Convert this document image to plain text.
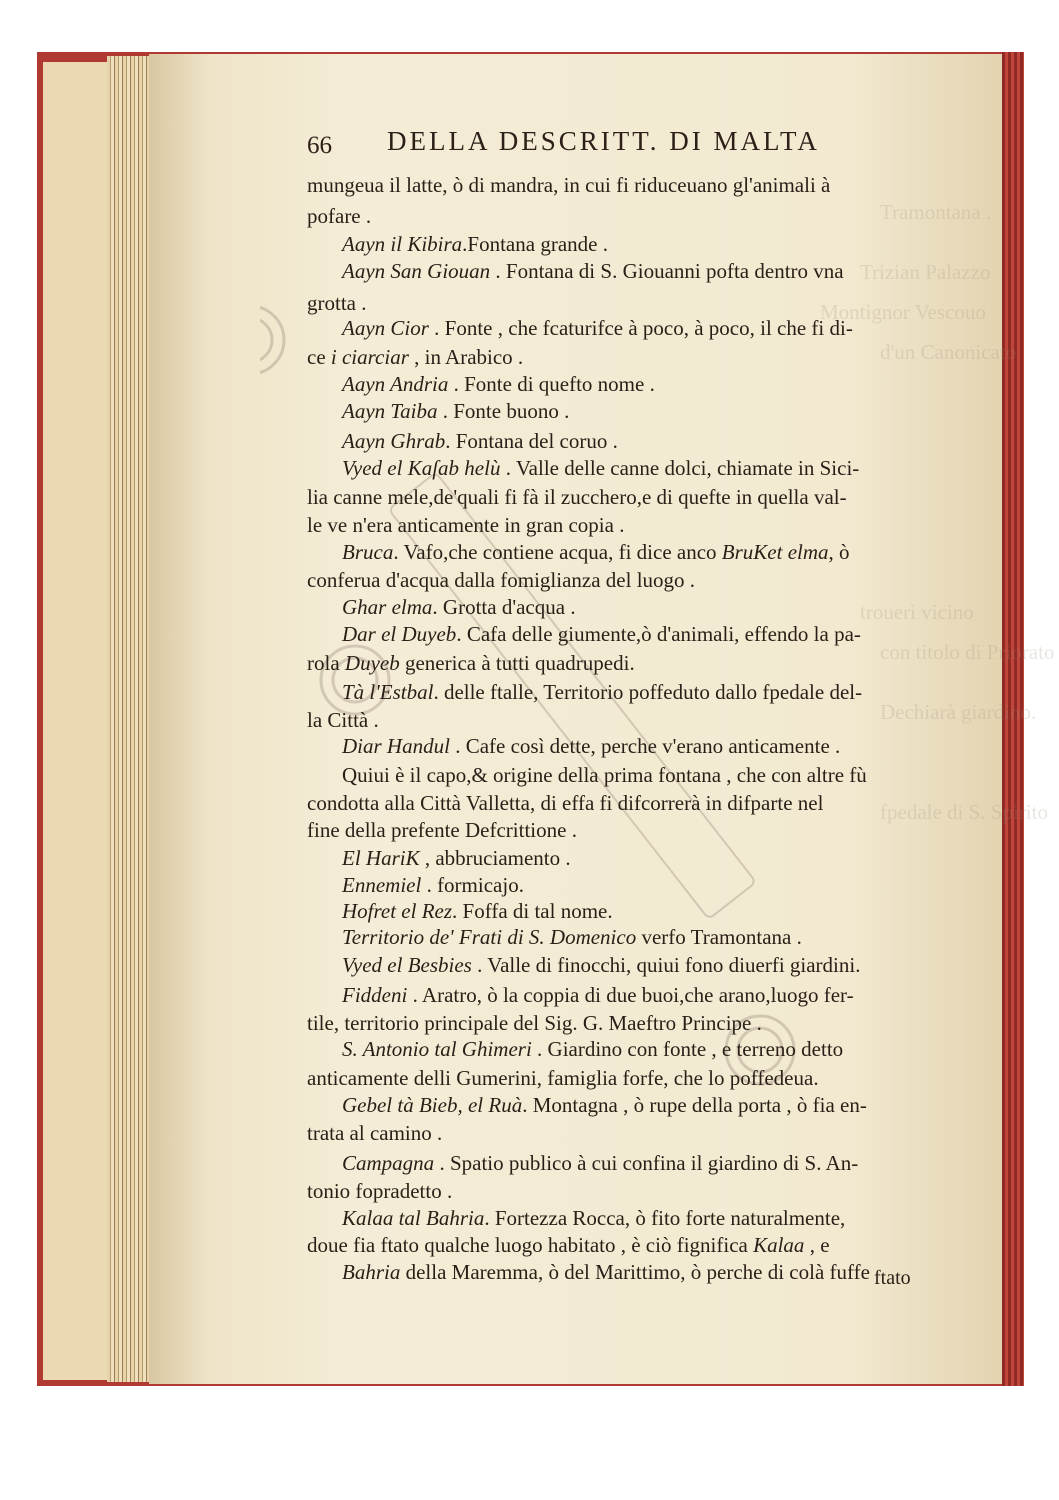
Tramontana .
Trizian Palazzo
Montignor Vescouo
d'un Canonicato
trouerì vicino
con titolo di Priorato
Dechiarà giardino.
fpedale di S. Spirito
66 DELLA DESCRITT. DI MALTA
mungeua il latte, ò di mandra, in cui fi riduceuano gl'animali à
pofare .
Aayn il Kibira.Fontana grande .
Aayn San Giouan . Fontana di S. Giouanni pofta dentro vna
grotta .
Aayn Cior . Fonte , che fcaturifce à poco, à poco, il che fi di-
ce i ciarciar , in Arabico .
Aayn Andria . Fonte di quefto nome .
Aayn Taiba . Fonte buono .
Aayn Ghrab. Fontana del coruo .
Vyed el Kaſab helù . Valle delle canne dolci, chiamate in Sici-
lia canne mele,de'quali fi fà il zucchero,e di quefte in quella val-
le ve n'era anticamente in gran copia .
Bruca. Vafo,che contiene acqua, fi dice anco BruKet elma, ò
conferua d'acqua dalla fomiglianza del luogo .
Ghar elma. Grotta d'acqua .
Dar el Duyeb. Cafa delle giumente,ò d'animali, effendo la pa-
rola Duyeb generica à tutti quadrupedi.
Tà l'Estbal. delle ftalle, Territorio poffeduto dallo fpedale del-
la Città .
Diar Handul . Cafe così dette, perche v'erano anticamente .
Quiui è il capo,& origine della prima fontana , che con altre fù
condotta alla Città Valletta, di effa fi difcorrerà in difparte nel
fine della prefente Defcrittione .
El HariK , abbruciamento .
Ennemiel . formicajo.
Hofret el Rez. Foffa di tal nome.
Territorio de' Frati di S. Domenico verfo Tramontana .
Vyed el Besbies . Valle di finocchi, quiui fono diuerfi giardini.
Fiddeni . Aratro, ò la coppia di due buoi,che arano,luogo fer-
tile, territorio principale del Sig. G. Maeftro Principe .
S. Antonio tal Ghimeri . Giardino con fonte , e terreno detto
anticamente delli Gumerini, famiglia forfe, che lo poffedeua.
Gebel tà Bieb, el Ruà. Montagna , ò rupe della porta , ò fia en-
trata al camino .
Campagna . Spatio publico à cui confina il giardino di S. An-
tonio fopradetto .
Kalaa tal Bahria. Fortezza Rocca, ò fito forte naturalmente,
doue fia ftato qualche luogo habitato , è ciò fignifica Kalaa , e
Bahria della Maremma, ò del Marittimo, ò perche di colà fuffe ftato
